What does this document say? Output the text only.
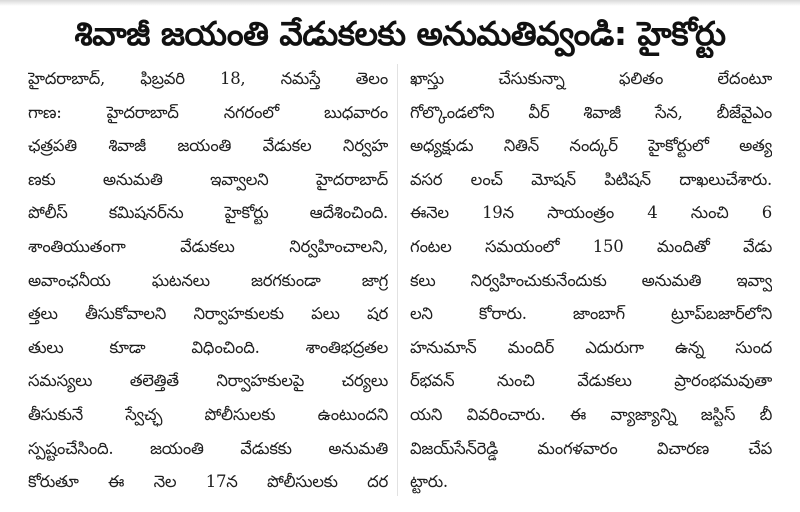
శివాజీ జయంతి వేడుకలకు అనుమతివ్వండి: హైకోర్టు
హైదరాబాద్, ఫిబ్రవరి 18, నమస్తే తెలం
గాణ: హైదరాబాద్ నగరంలో బుధవారం
ఛత్రపతి శివాజీ జయంతి వేడుకల నిర్వహ
ణకు అనుమతి ఇవ్వాలని హైదరాబాద్
పోలీస్ కమిషనర్‌ను హైకోర్టు ఆదేశించింది.
శాంతియుతంగా వేడుకలు నిర్వహించాలని,
అవాంఛనీయ ఘటనలు జరగకుండా జాగ్ర
త్తలు తీసుకోవాలని నిర్వాహకులకు పలు షర
తులు కూడా విధించింది. శాంతిభద్రతల
సమస్యలు తలెత్తితే నిర్వాహకులపై చర్యలు
తీసుకునే స్వేచ్ఛ పోలీసులకు ఉంటుందని
స్పష్టంచేసింది. జయంతి వేడుకకు అనుమతి
కోరుతూ ఈ నెల 17న పోలీసులకు దర
ఖాస్తు చేసుకున్నా ఫలితం లేదంటూ
గోల్కొండలోని వీర్ శివాజీ సేన, బీజేవైఎం
అధ్యక్షుడు నితిన్ నంద్కర్ హైకోర్టులో అత్య
వసర లంచ్ మోషన్ పిటిషన్ దాఖలుచేశారు.
ఈనెల 19న సాయంత్రం 4 నుంచి 6
గంటల సమయంలో 150 మందితో వేడు
కలు నిర్వహించుకునేందుకు అనుమతి ఇవ్వా
లని కోరారు. జాంబాగ్ ట్రూప్‌బజార్‌లోని
హనుమాన్ మందిర్ ఎదురుగా ఉన్న సుంద
ర్‌భవన్ నుంచి వేడుకలు ప్రారంభమవుతా
యని వివరించారు. ఈ వ్యాజ్యాన్ని జస్టిస్ బీ
విజయ్‌సేన్‌రెడ్డి మంగళవారం విచారణ చేప
ట్టారు.
